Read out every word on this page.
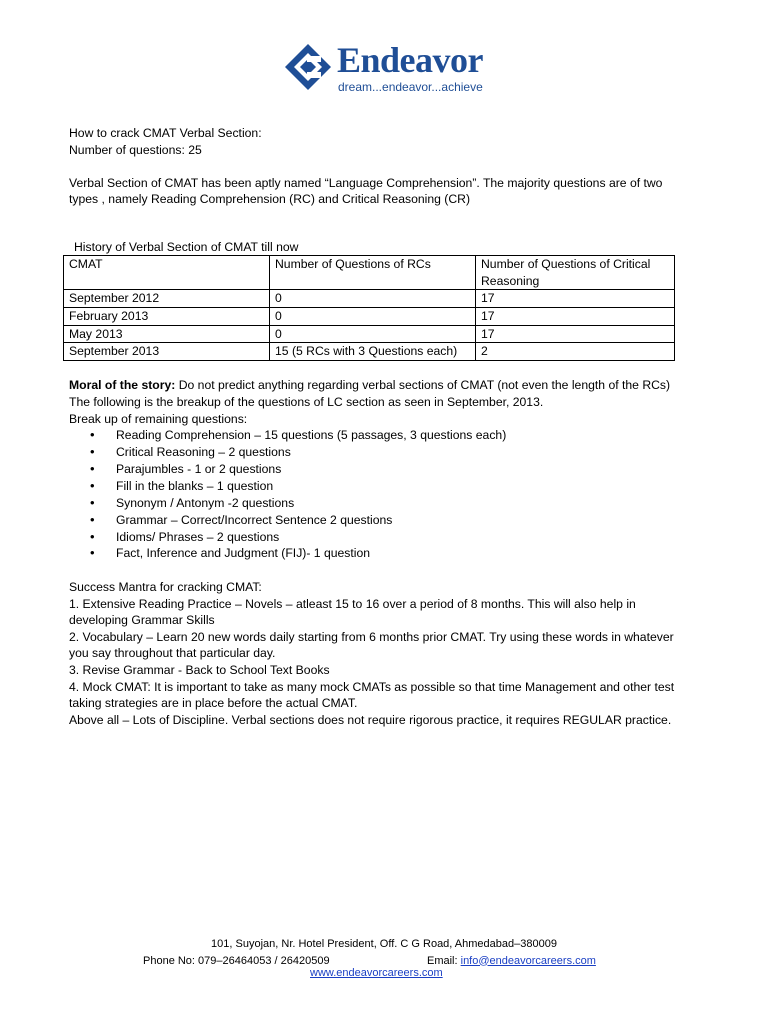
Endeavor
dream...endeavor...achieve

How to crack CMAT Verbal Section:

Number of questions: 25

Verbal Section of CMAT has been aptly named “Language Comprehension”. The majority questions are of two types , namely Reading Comprehension (RC) and Critical Reasoning (CR)

History of Verbal Section of CMAT till now

CMAT	Number of Questions of RCs	Number of Questions of Critical Reasoning
September 2012	0	17
February 2013	0	17
May 2013	0	17
September 2013	15 (5 RCs with 3 Questions each)	2

Moral of the story: Do not predict anything regarding verbal sections of CMAT (not even the length of the RCs)

The following is the breakup of the questions of LC section as seen in September, 2013.

Break up of remaining questions:

• Reading Comprehension – 15 questions (5 passages, 3 questions each)
• Critical Reasoning – 2 questions
• Parajumbles - 1 or 2 questions
• Fill in the blanks – 1 question
• Synonym / Antonym -2 questions
• Grammar – Correct/Incorrect Sentence 2 questions
• Idioms/ Phrases – 2 questions
• Fact, Inference and Judgment (FIJ)- 1 question

Success Mantra for cracking CMAT:

1. Extensive Reading Practice – Novels – atleast 15 to 16 over a period of 8 months. This will also help in developing Grammar Skills

2. Vocabulary – Learn 20 new words daily starting from 6 months prior CMAT. Try using these words in whatever you say throughout that particular day.

3. Revise Grammar - Back to School Text Books

4. Mock CMAT: It is important to take as many mock CMATs as possible so that time Management and other test taking strategies are in place before the actual CMAT.

Above all – Lots of Discipline. Verbal sections does not require rigorous practice, it requires REGULAR practice.

101, Suyojan, Nr. Hotel President, Off. C G Road, Ahmedabad–380009
Phone No: 079–26464053 / 26420509	Email: info@endeavorcareers.com
www.endeavorcareers.com
